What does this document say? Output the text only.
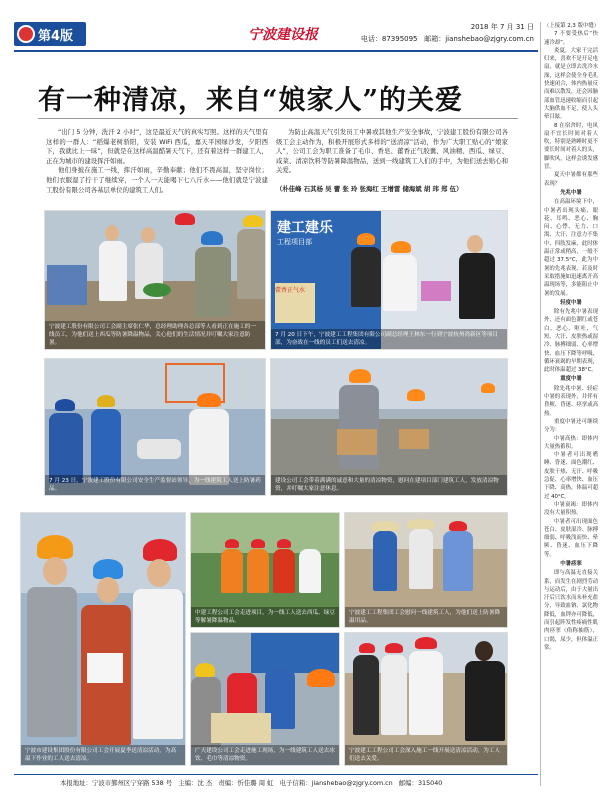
第4版	宁波建设报	2018 年 7 月 31 日
电话：87395095 邮箱：jianshebao@zjgry.com.cn
有一种清凉，来自“娘家人”的关爱

“出门 5 分钟，洗汗 2 小时”，这是最近天气的真实写照。这样的天气里有这样的一群人：“稻爆老树骄阳，安装 WiFi 西瓜，嘉天平园绿沙发，夕阳西下，我就比上一昧”，但就是在这样高温酷暑天气下，还有着这样一群建工人，正在为城市的建设挥汗如雨。

他们身披在施工一线，挥汗如雨，辛勤奉献；他们不畏高温，坚守岗位；他们衣服湿了拧干了继续穿，一个人一天能喝下七八斤水——他们就是宁波建工股份有限公司各基层单位的建筑工人们。

为防止高温天气引发员工中暑或其他生产安全事故，宁波建工股份有限公司各级工会主动作为，积极开展形式多样的“送清凉”活动，作为广大职工贴心的“娘家人”，公司工会为职工准备了毛巾、香皂、藿香正气胶囊、风油精、西瓜、绿豆、咸菜、清凉饮料等防暑降温物品，送到一线建筑工人们的手中，为他们送去贴心和关爱。

（朴佳峰 石其杨 吴 蕾 张 玲 张海红 王增雷 储海斌 胡 玮 郑 伍）
宁波建工股份有限公司工会副主席张仁华，总经理助理各总部等人看到正在施工的一线员工，为他们送上西瓜等防暑降温物品，关心他们的生活情况并叮嘱大家注意防暑。
建工建乐
工程项目部
藿香正气水
7 月 20 日下午，宁波建工工程集团有限公司副总经理王林东一行到宁波杭州湾新区等项目部，为奋战在一线的员工们送去清凉。
7 月 23 日，宁波建工股份有限公司安全生产监督站领导，为一线建筑工人送上防暑药品。
建设公司工会带着满满的诚意和大量的清凉物资，慰问在建项目部门建筑工人，发放清凉物资，并叮嘱大家注意休息。
宁波市建设集团股份有限公司工会开展夏季送清凉活动，为高温下作业的工人送去清凉。
中建工程公司工会走进项目，为一线工人送去西瓜、绿豆等解暑降温物品。
宁波建工工程集团工会慰问一线建筑工人，为他们送上防暑降温用品。
广天建设公司工会走进施工现场，为一线建筑工人送去冰饮、毛巾等清凉物资。
宁波建工工程公司工会深入施工一线开展送清凉活动，为工人们送去关爱。
（上接第 2,3 版中缝）

7 不要受热后“快速冷却”。

炎夏，大家干完活归来，喜欢不是开足电扇，就是立即去洗冷水澡，这样会使全身毛孔快速闭合，体内热量反而难以散发，还会因脑部血管迅速收缩而引起大脑供血不足，使人头晕目眩。

8 在宿舍时，电风扇不宜长时间对着人吹，特别是熟睡时更不要长时间对着人的头，脚吹风，这样会诱发感冒。

夏天中暑都有那些表现？

先兆中暑

在高温环境下中，中暑者出现头痛、眼花、耳鸣、恶心、胸闷、心悸、无力、口渴、大汗、注意力不集中、四肢发麻，此时体温正常或稍高，一般不超过 37.5°C，此为中暑的先兆表现，若及时采取措施如迅速离开高温现场等，多能阻止中暑的发展。

轻度中暑

除有先兆中暑表现外，还有面色潮红或苍白、恶心、呕吐、气短、大汗、皮肤热或湿冷、脉搏细弱、心率增快、血压下降等呼吸、循环衰竭的早期表现，此时体温超过 38°C。

重度中暑

除先兆中暑、轻症中暑的表现外，并伴有昏厥、昏迷、痉挛或高热。

重度中暑还可继续分为：

中暑高热：即体内大量热蓄积。

中暑者可出现嗜睡、昏迷、面色潮红、皮肤干热、无汗、呼吸急促、心率增快、血压下降、高热，体温可超过 40°C。

中暑衰竭：即体内没有大量积热。

中暑者可出现面色苍白、皮肤湿冷、脉搏细弱、呼吸浅而快、晕厥、昏迷、血压下降等。

中暑痉挛

即与高温无直接关系，而发生在剧烈劳动与运动后，由于大量出汗后只饮水而未补充盐分，导致血钠、氯化物降低，血钾亦可降低，而引起阵发性疼痛性肌肉痉挛（俗称抽筋），口渴，尿少，但体温正常。

本报地址：宁波市鄞州区宁穿路 538 号 主编：沈 杰 责编：忻佳璐 周 虹 电子信箱：jianshebao@zjgry.com.cn 邮编：315040
